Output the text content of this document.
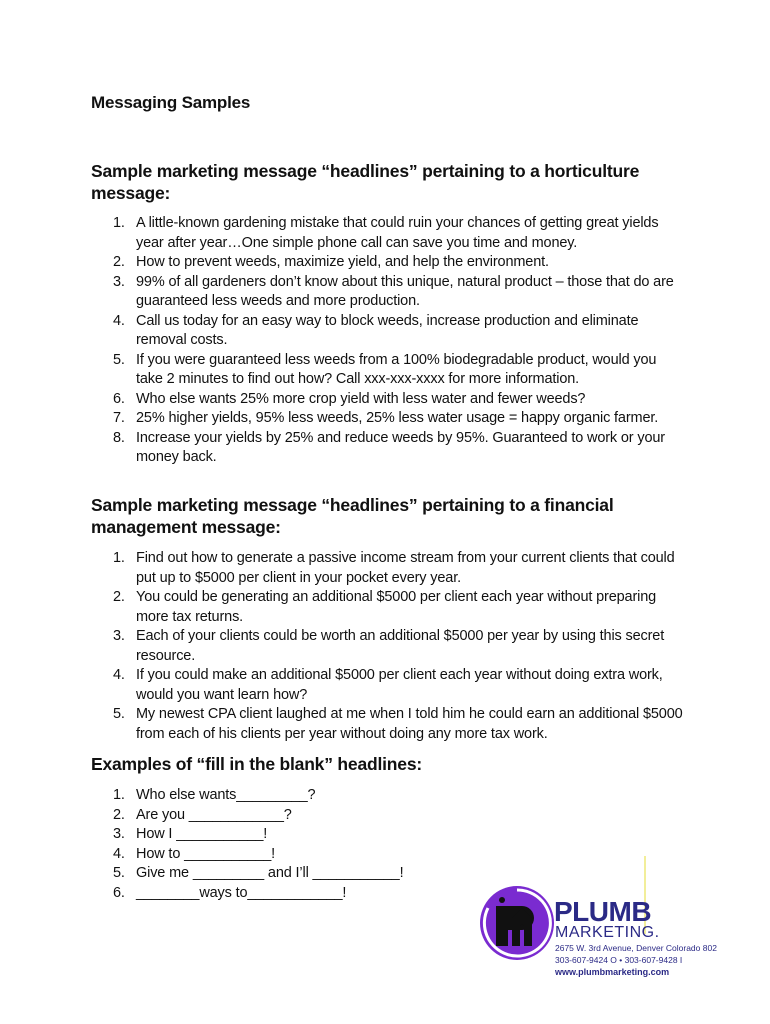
Messaging Samples
Sample marketing message “headlines” pertaining to a horticulture message:
1. A little-known gardening mistake that could ruin your chances of getting great yields year after year…One simple phone call can save you time and money.
2. How to prevent weeds, maximize yield, and help the environment.
3. 99% of all gardeners don’t know about this unique, natural product – those that do are guaranteed less weeds and more production.
4. Call us today for an easy way to block weeds, increase production and eliminate removal costs.
5. If you were guaranteed less weeds from a 100% biodegradable product, would you take 2 minutes to find out how? Call xxx-xxx-xxxx for more information.
6. Who else wants 25% more crop yield with less water and fewer weeds?
7. 25% higher yields, 95% less weeds, 25% less water usage = happy organic farmer.
8. Increase your yields by 25% and reduce weeds by 95%. Guaranteed to work or your money back.
Sample marketing message “headlines” pertaining to a financial management message:
1. Find out how to generate a passive income stream from your current clients that could put up to $5000 per client in your pocket every year.
2. You could be generating an additional $5000 per client each year without preparing more tax returns.
3. Each of your clients could be worth an additional $5000 per year by using this secret resource.
4. If you could make an additional $5000 per client each year without doing extra work, would you want learn how?
5. My newest CPA client laughed at me when I told him he could earn an additional $5000 from each of his clients per year without doing any more tax work.
Examples of “fill in the blank” headlines:
1. Who else wants_________?
2. Are you ____________?
3. How I ___________!
4. How to ___________!
5. Give me _________ and I’ll ___________!
6. ________ways to____________!
PLUMB
MARKETING.
2675 W. 3rd Avenue, Denver Colorado 802
303-607-9424 O • 303-607-9428 I
www.plumbmarketing.com
